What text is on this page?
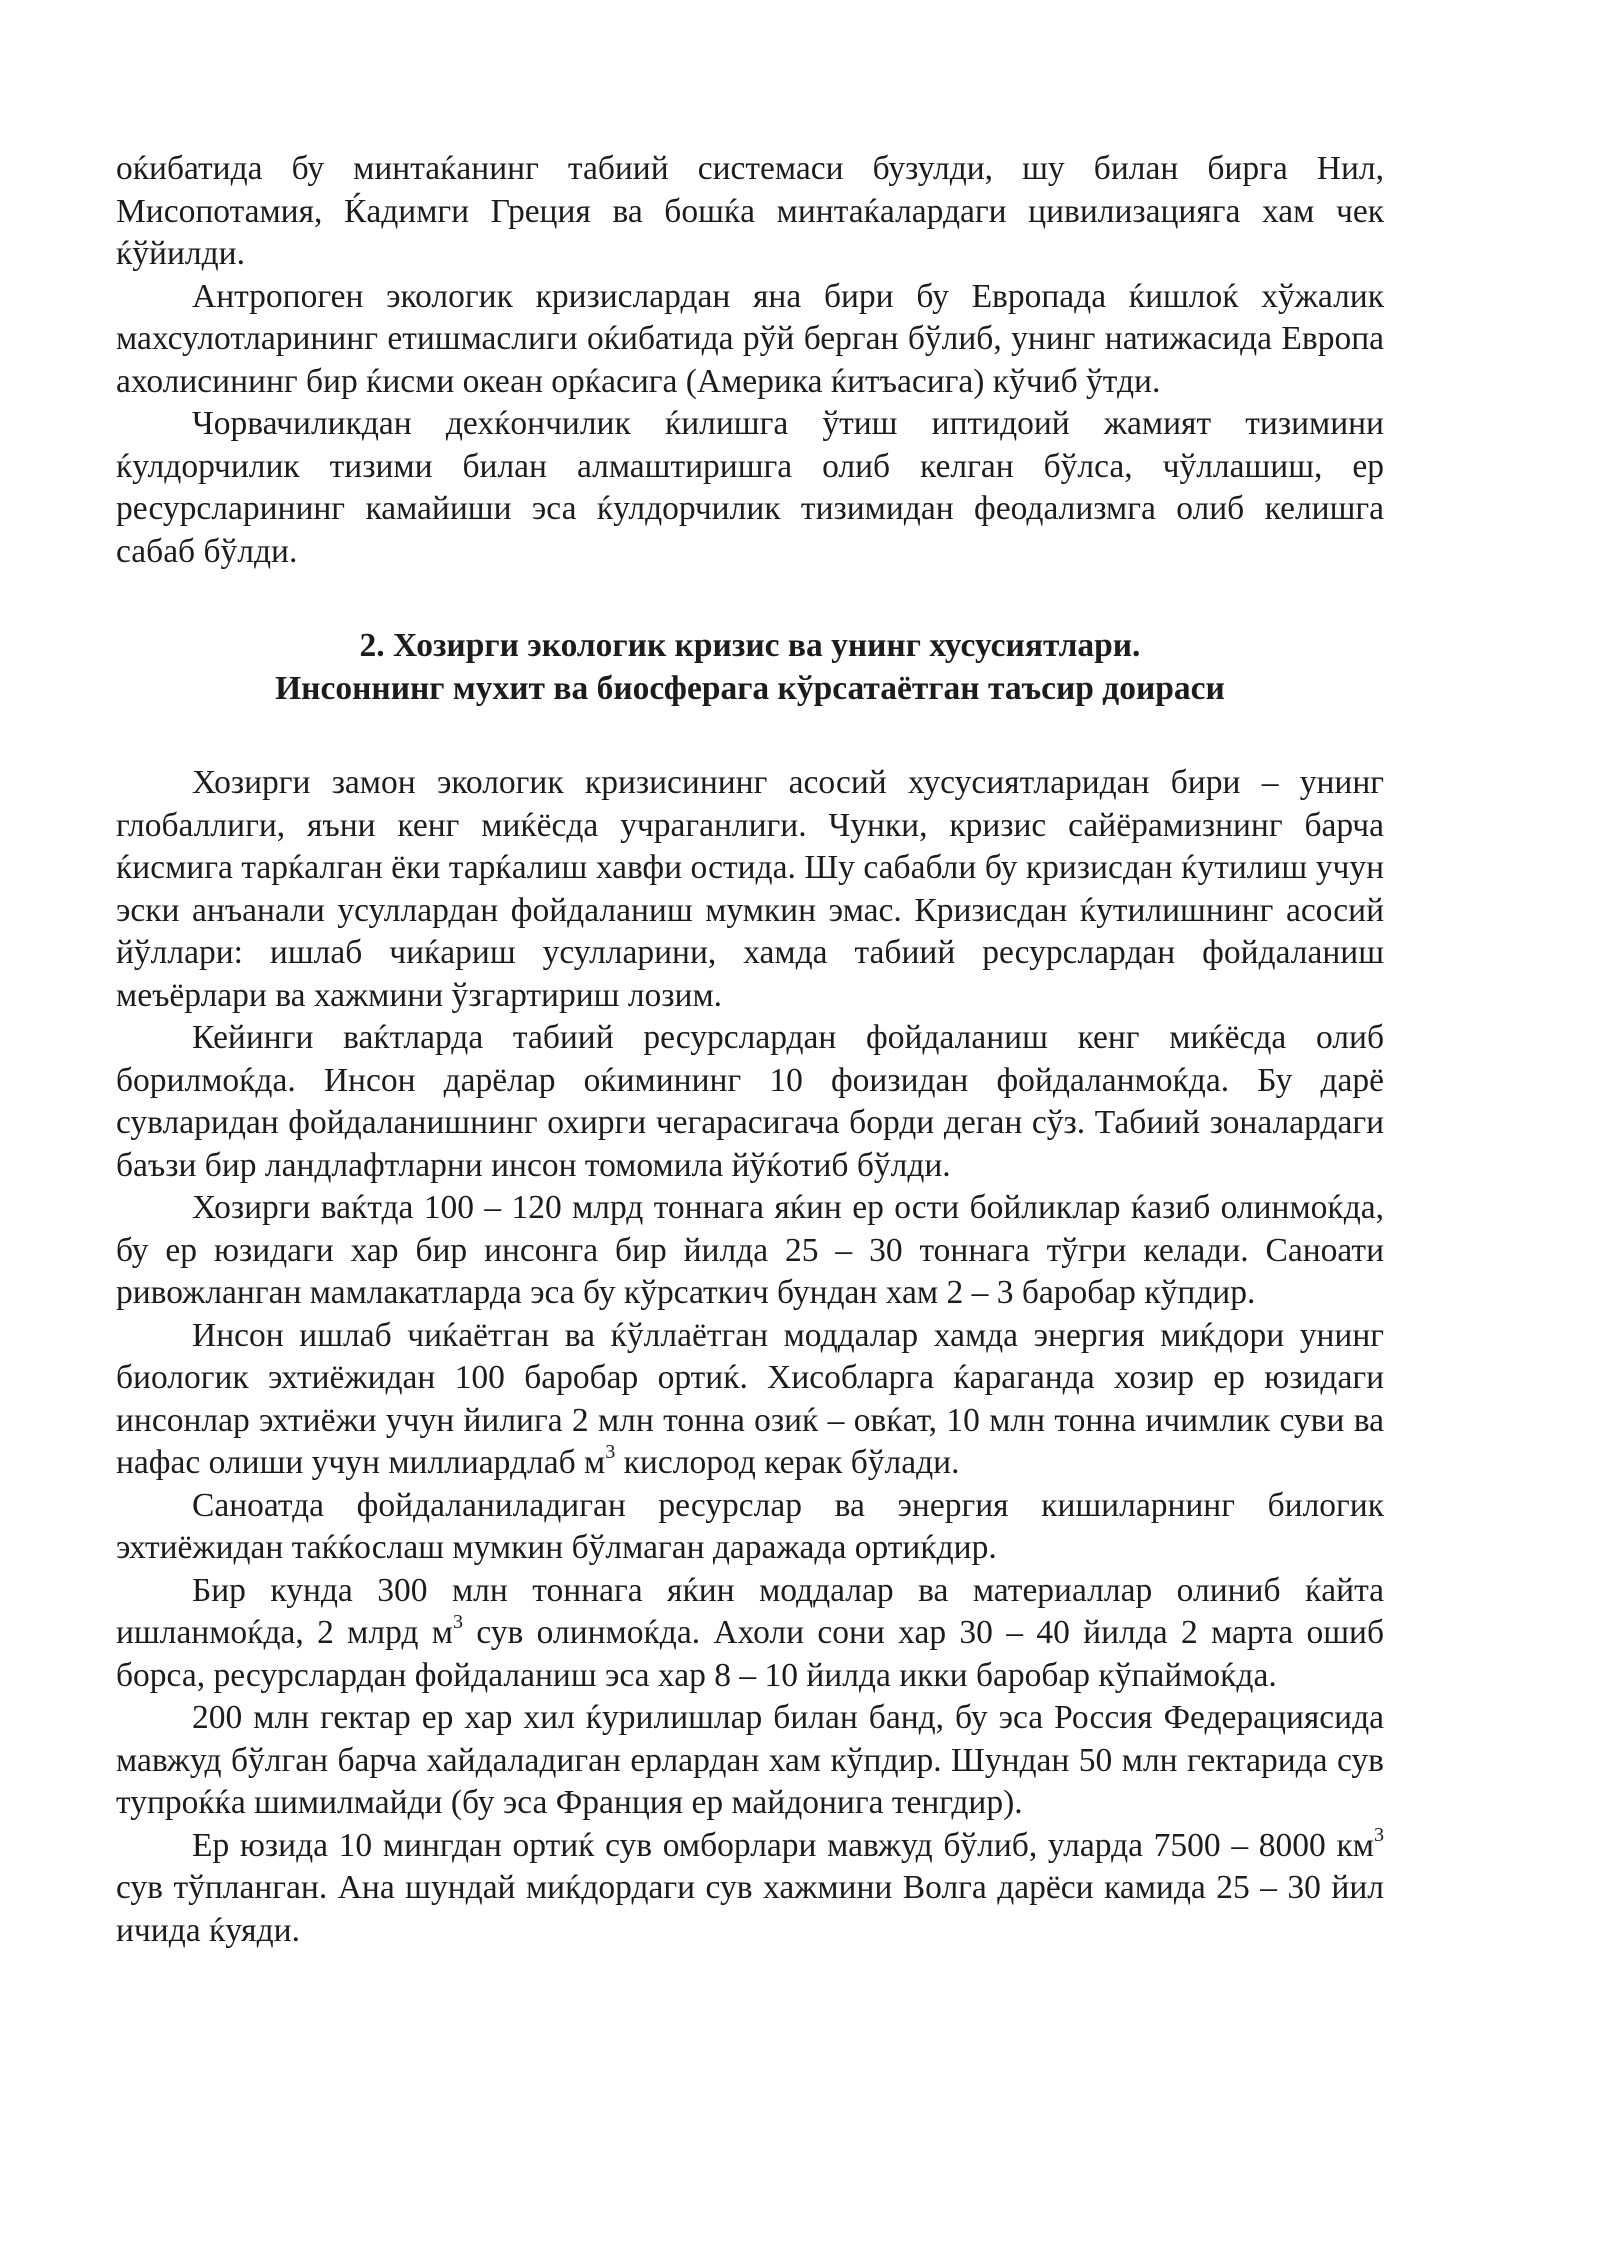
оќибатида бу минтаќанинг табиий системаси бузулди, шу билан бирга Нил, Мисопотамия, Ќадимги Греция ва бошќа минтаќалардаги цивилизацияга хам чек ќўйилди.

Антропоген экологик кризислардан яна бири бу Европада ќишлоќ хўжалик махсулотларининг етишмаслиги оќибатида рўй берган бўлиб, унинг натижасида Европа ахолисининг бир ќисми океан орќасига (Америка ќитъасига) кўчиб ўтди.

Чорвачиликдан дехќончилик ќилишга ўтиш иптидоий жамият тизимини ќулдорчилик тизими билан алмаштиришга олиб келган бўлса, чўллашиш, ер ресурсларининг камайиши эса ќулдорчилик тизимидан феодализмга олиб келишга сабаб бўлди.

2. Хозирги экологик кризис ва унинг хусусиятлари.
Инсоннинг мухит ва биосферага кўрсатаётган таъсир доираси

Хозирги замон экологик кризисининг асосий хусусиятларидан бири – унинг глобаллиги, яъни кенг миќёсда учраганлиги. Чунки, кризис сайёрамизнинг барча ќисмига тарќалган ёки тарќалиш хавфи остида. Шу сабабли бу кризисдан ќутилиш учун эски анъанали усуллардан фойдаланиш мумкин эмас. Кризисдан ќутилишнинг асосий йўллари: ишлаб чиќариш усулларини, хамда табиий ресурслардан фойдаланиш меъёрлари ва хажмини ўзгартириш лозим.

Кейинги ваќтларда табиий ресурслардан фойдаланиш кенг миќёсда олиб борилмоќда. Инсон дарёлар оќимининг 10 фоизидан фойдаланмоќда. Бу дарё сувларидан фойдаланишнинг охирги чегарасигача борди деган сўз. Табиий зоналардаги баъзи бир ландлафтларни инсон томомила йўќотиб бўлди.

Хозирги ваќтда 100 – 120 млрд тоннага яќин ер ости бойликлар ќазиб олинмоќда, бу ер юзидаги хар бир инсонга бир йилда 25 – 30 тоннага тўгри келади. Саноати ривожланган мамлакатларда эса бу кўрсаткич бундан хам 2 – 3 баробар кўпдир.

Инсон ишлаб чиќаётган ва ќўллаётган моддалар хамда энергия миќдори унинг биологик эхтиёжидан 100 баробар ортиќ. Хисобларга ќараганда хозир ер юзидаги инсонлар эхтиёжи учун йилига 2 млн тонна озиќ – овќат, 10 млн тонна ичимлик суви ва нафас олиши учун миллиардлаб $м^3$ кислород керак бўлади.

Саноатда фойдаланиладиган ресурслар ва энергия кишиларнинг билогик эхтиёжидан таќќослаш мумкин бўлмаган даражада ортиќдир.

Бир кунда 300 млн тоннага яќин моддалар ва материаллар олиниб ќайта ишланмоќда, 2 млрд $м^3$ сув олинмоќда. Ахоли сони хар 30 – 40 йилда 2 марта ошиб борса, ресурслардан фойдаланиш эса хар 8 – 10 йилда икки баробар кўпаймоќда.

200 млн гектар ер хар хил ќурилишлар билан банд, бу эса Россия Федерациясида мавжуд бўлган барча хайдаладиган ерлардан хам кўпдир. Шундан 50 млн гектарида сув тупроќќа шимилмайди (бу эса Франция ер майдонига тенгдир).

Ер юзида 10 мингдан ортиќ сув омборлари мавжуд бўлиб, уларда 7500 – 8000 $км^3$ сув тўпланган. Ана шундай миќдордаги сув хажмини Волга дарёси камида 25 – 30 йил ичида ќуяди.
